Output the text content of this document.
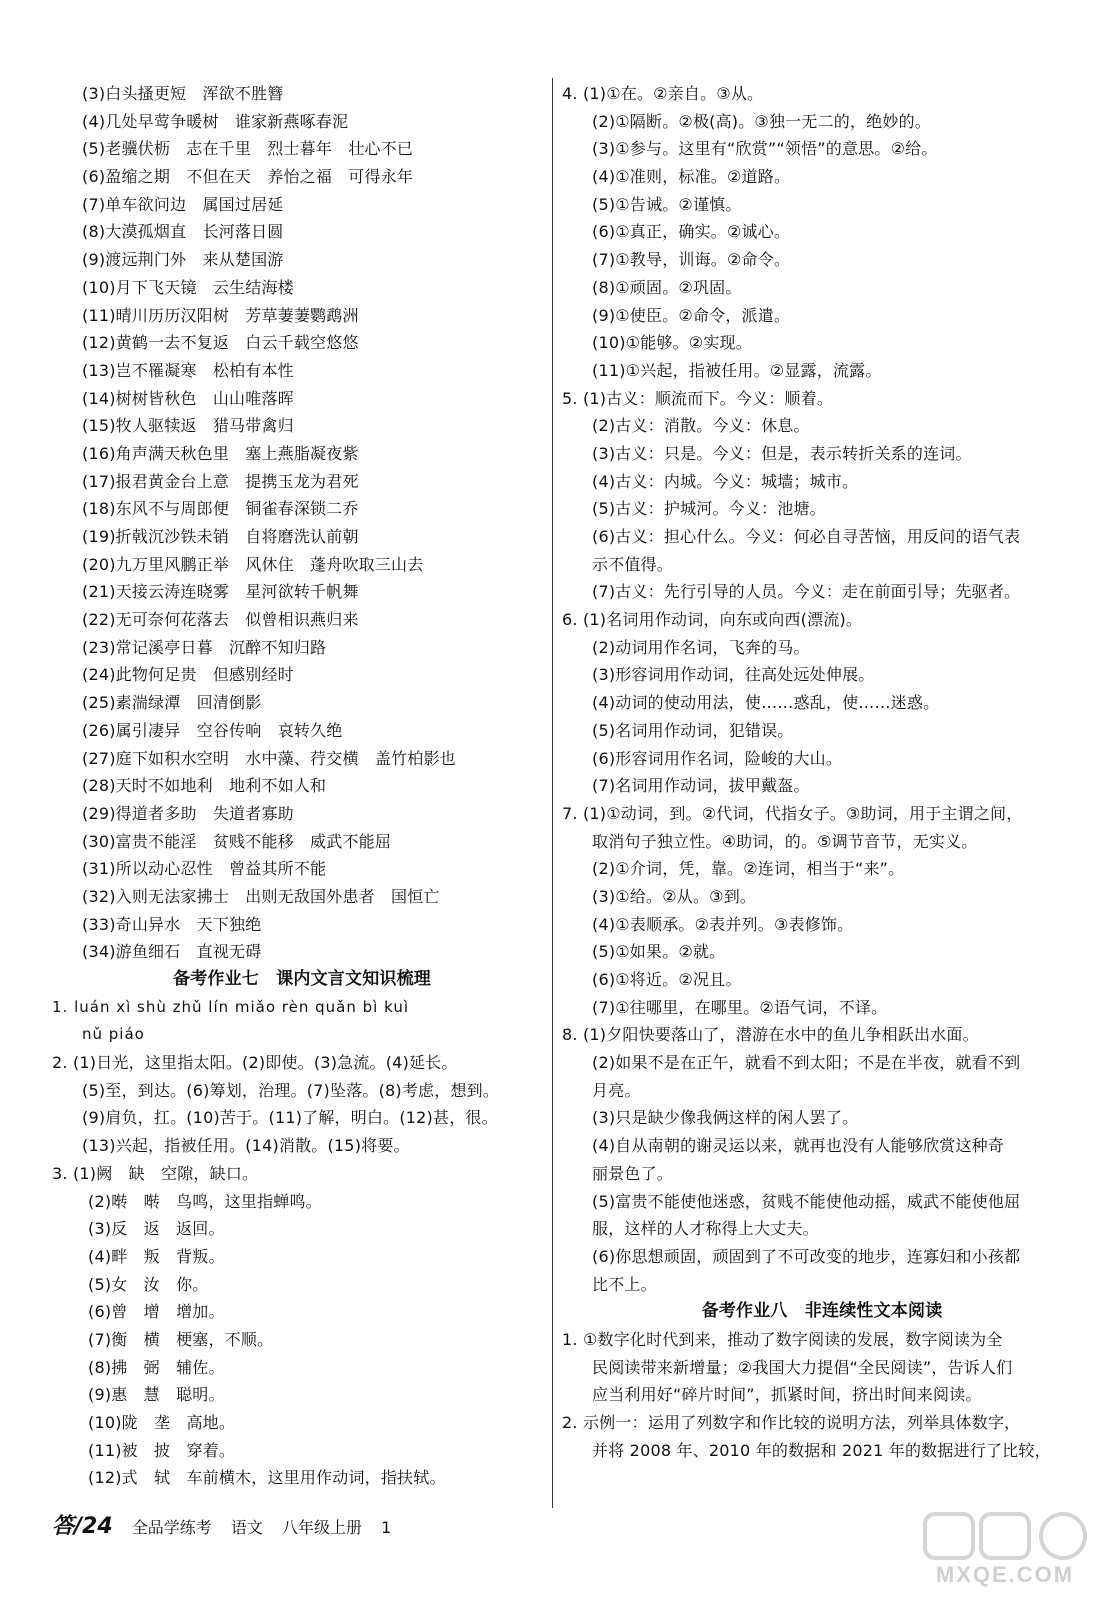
(3)白头搔更短　浑欲不胜簪
(4)几处早莺争暖树　谁家新燕啄春泥
(5)老骥伏枥　志在千里　烈士暮年　壮心不已
(6)盈缩之期　不但在天　养怡之福　可得永年
(7)单车欲问边　属国过居延
(8)大漠孤烟直　长河落日圆
(9)渡远荆门外　来从楚国游
(10)月下飞天镜　云生结海楼
(11)晴川历历汉阳树　芳草萋萋鹦鹉洲
(12)黄鹤一去不复返　白云千载空悠悠
(13)岂不罹凝寒　松柏有本性
(14)树树皆秋色　山山唯落晖
(15)牧人驱犊返　猎马带禽归
(16)角声满天秋色里　塞上燕脂凝夜紫
(17)报君黄金台上意　提携玉龙为君死
(18)东风不与周郎便　铜雀春深锁二乔
(19)折戟沉沙铁未销　自将磨洗认前朝
(20)九万里风鹏正举　风休住　蓬舟吹取三山去
(21)天接云涛连晓雾　星河欲转千帆舞
(22)无可奈何花落去　似曾相识燕归来
(23)常记溪亭日暮　沉醉不知归路
(24)此物何足贵　但感别经时
(25)素湍绿潭　回清倒影
(26)属引凄异　空谷传响　哀转久绝
(27)庭下如积水空明　水中藻、荇交横　盖竹柏影也
(28)天时不如地利　地利不如人和
(29)得道者多助　失道者寡助
(30)富贵不能淫　贫贱不能移　威武不能屈
(31)所以动心忍性　曾益其所不能
(32)入则无法家拂士　出则无敌国外患者　国恒亡
(33)奇山异水　天下独绝
(34)游鱼细石　直视无碍
备考作业七　课内文言文知识梳理
1. luán xì shù zhǔ lín miǎo rèn quǎn bì kuì
nǔ piáo
2. (1)日光，这里指太阳。(2)即使。(3)急流。(4)延长。
(5)至，到达。(6)筹划，治理。(7)坠落。(8)考虑，想到。
(9)肩负，扛。(10)苦于。(11)了解，明白。(12)甚，很。
(13)兴起，指被任用。(14)消散。(15)将要。
3. (1)阙　缺　空隙，缺口。
(2)啭　啭　鸟鸣，这里指蝉鸣。
(3)反　返　返回。
(4)畔　叛　背叛。
(5)女　汝　你。
(6)曾　增　增加。
(7)衡　横　梗塞，不顺。
(8)拂　弼　辅佐。
(9)惠　慧　聪明。
(10)陇　垄　高地。
(11)被　披　穿着。
(12)式　轼　车前横木，这里用作动词，指扶轼。
4. (1)①在。②亲自。③从。
(2)①隔断。②极(高)。③独一无二的，绝妙的。
(3)①参与。这里有“欣赏”“领悟”的意思。②给。
(4)①准则，标准。②道路。
(5)①告诫。②谨慎。
(6)①真正，确实。②诚心。
(7)①教导，训诲。②命令。
(8)①顽固。②巩固。
(9)①使臣。②命令，派遣。
(10)①能够。②实现。
(11)①兴起，指被任用。②显露，流露。
5. (1)古义：顺流而下。今义：顺着。
(2)古义：消散。今义：休息。
(3)古义：只是。今义：但是，表示转折关系的连词。
(4)古义：内城。今义：城墙；城市。
(5)古义：护城河。今义：池塘。
(6)古义：担心什么。今义：何必自寻苦恼，用反问的语气表
示不值得。
(7)古义：先行引导的人员。今义：走在前面引导；先驱者。
6. (1)名词用作动词，向东或向西(漂流)。
(2)动词用作名词，飞奔的马。
(3)形容词用作动词，往高处远处伸展。
(4)动词的使动用法，使……惑乱，使……迷惑。
(5)名词用作动词，犯错误。
(6)形容词用作名词，险峻的大山。
(7)名词用作动词，拔甲戴盔。
7. (1)①动词，到。②代词，代指女子。③助词，用于主谓之间，
取消句子独立性。④助词，的。⑤调节音节，无实义。
(2)①介词，凭，靠。②连词，相当于“来”。
(3)①给。②从。③到。
(4)①表顺承。②表并列。③表修饰。
(5)①如果。②就。
(6)①将近。②况且。
(7)①往哪里，在哪里。②语气词，不译。
8. (1)夕阳快要落山了，潜游在水中的鱼儿争相跃出水面。
(2)如果不是在正午，就看不到太阳；不是在半夜，就看不到
月亮。
(3)只是缺少像我俩这样的闲人罢了。
(4)自从南朝的谢灵运以来，就再也没有人能够欣赏这种奇
丽景色了。
(5)富贵不能使他迷惑，贫贱不能使他动摇，威武不能使他屈
服，这样的人才称得上大丈夫。
(6)你思想顽固，顽固到了不可改变的地步，连寡妇和小孩都
比不上。
备考作业八　非连续性文本阅读
1. ①数字化时代到来，推动了数字阅读的发展，数字阅读为全
民阅读带来新增量；②我国大力提倡“全民阅读”，告诉人们
应当利用好“碎片时间”，抓紧时间，挤出时间来阅读。
2. 示例一：运用了列数字和作比较的说明方法，列举具体数字，
并将 2008 年、2010 年的数据和 2021 年的数据进行了比较，
答/24 全品学练考 语文 八年级上册 1
MXQE.COM
